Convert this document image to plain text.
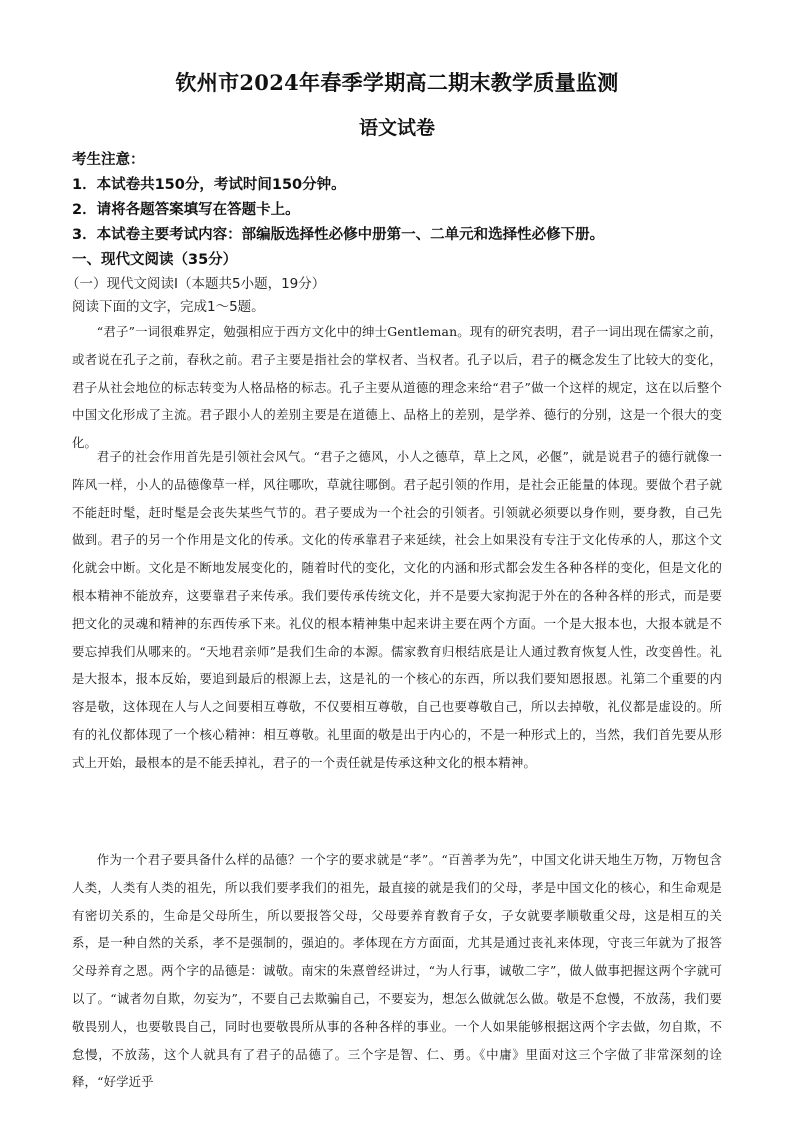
钦州市2024年春季学期高二期末教学质量监测
语文试卷

考生注意：

1．本试卷共150分，考试时间150分钟。

2．请将各题答案填写在答题卡上。

3．本试卷主要考试内容：部编版选择性必修中册第一、二单元和选择性必修下册。

一、现代文阅读（35分）

（一）现代文阅读Ⅰ（本题共5小题，19分）

阅读下面的文字，完成1～5题。

“君子”一词很难界定，勉强相应于西方文化中的绅士Gentleman。现有的研究表明，君子一词出现在儒家之前，或者说在孔子之前，春秋之前。君子主要是指社会的掌权者、当权者。孔子以后，君子的概念发生了比较大的变化，君子从社会地位的标志转变为人格品格的标志。孔子主要从道德的理念来给“君子”做一个这样的规定，这在以后整个中国文化形成了主流。君子跟小人的差别主要是在道德上、品格上的差别，是学养、德行的分别，这是一个很大的变化。

君子的社会作用首先是引领社会风气。“君子之德风，小人之德草，草上之风，必偃”，就是说君子的德行就像一阵风一样，小人的品德像草一样，风往哪吹，草就往哪倒。君子起引领的作用，是社会正能量的体现。要做个君子就不能赶时髦，赶时髦是会丧失某些气节的。君子要成为一个社会的引领者。引领就必须要以身作则，要身教，自己先做到。君子的另一个作用是文化的传承。文化的传承靠君子来延续，社会上如果没有专注于文化传承的人，那这个文化就会中断。文化是不断地发展变化的，随着时代的变化，文化的内涵和形式都会发生各种各样的变化，但是文化的根本精神不能放弃，这要靠君子来传承。我们要传承传统文化，并不是要大家拘泥于外在的各种各样的形式，而是要把文化的灵魂和精神的东西传承下来。礼仪的根本精神集中起来讲主要在两个方面。一个是大报本也，大报本就是不要忘掉我们从哪来的。“天地君亲师”是我们生命的本源。儒家教育归根结底是让人通过教育恢复人性，改变兽性。礼是大报本，报本反始，要追到最后的根源上去，这是礼的一个核心的东西，所以我们要知恩报恩。礼第二个重要的内容是敬，这体现在人与人之间要相互尊敬，不仅要相互尊敬，自己也要尊敬自己，所以去掉敬，礼仪都是虚设的。所有的礼仪都体现了一个核心精神：相互尊敬。礼里面的敬是出于内心的，不是一种形式上的，当然，我们首先要从形式上开始，最根本的是不能丢掉礼，君子的一个责任就是传承这种文化的根本精神。

作为一个君子要具备什么样的品德？一个字的要求就是“孝”。“百善孝为先”，中国文化讲天地生万物，万物包含人类，人类有人类的祖先，所以我们要孝我们的祖先，最直接的就是我们的父母，孝是中国文化的核心，和生命观是有密切关系的，生命是父母所生，所以要报答父母，父母要养育教育子女，子女就要孝顺敬重父母，这是相互的关系，是一种自然的关系，孝不是强制的，强迫的。孝体现在方方面面，尤其是通过丧礼来体现，守丧三年就为了报答父母养育之恩。两个字的品德是：诚敬。南宋的朱熹曾经讲过，“为人行事，诚敬二字”，做人做事把握这两个字就可以了。“诚者勿自欺，勿妄为”，不要自己去欺骗自己，不要妄为，想怎么做就怎么做。敬是不怠慢，不放荡，我们要敬畏别人，也要敬畏自己，同时也要敬畏所从事的各种各样的事业。一个人如果能够根据这两个字去做，勿自欺，不怠慢，不放荡，这个人就具有了君子的品德了。三个字是智、仁、勇。《中庸》里面对这三个字做了非常深刻的诠释，“好学近乎
